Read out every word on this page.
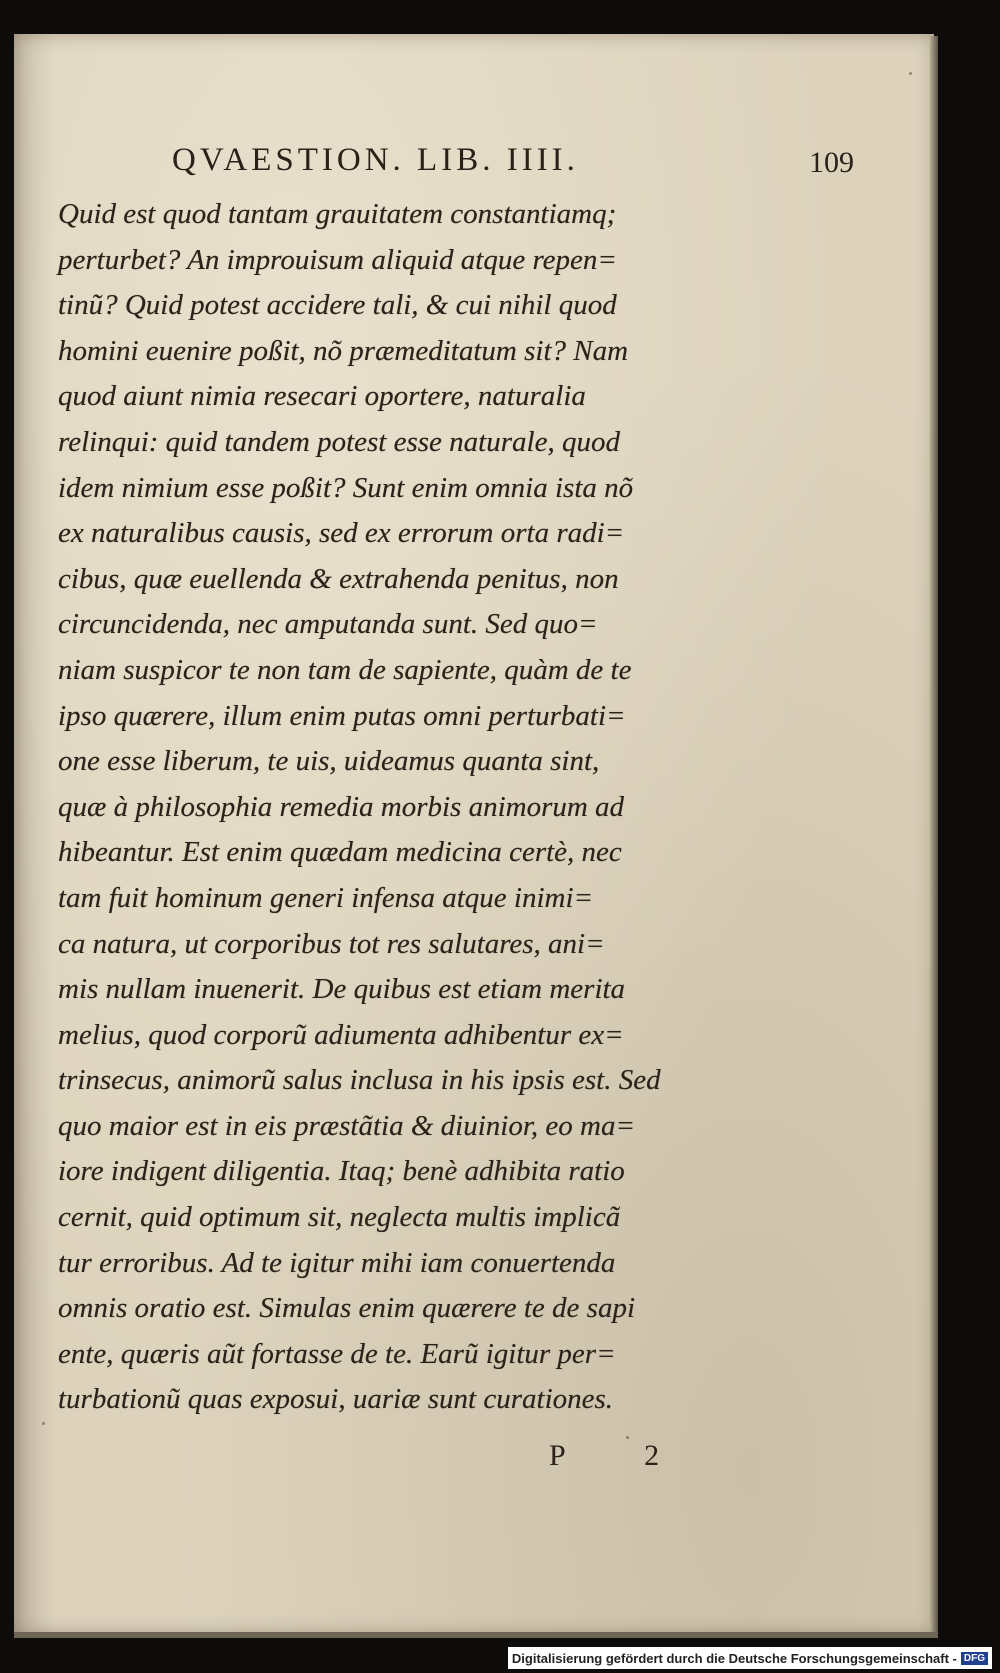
QVAESTION. LIB. IIII.	109
Quid est quod tantam grauitatem constantiamq;
perturbet? An improuisum aliquid atque repen=
tinũ? Quid potest accidere tali, & cui nihil quod
homini euenire poßit, nõ præmeditatum sit? Nam
quod aiunt nimia resecari oportere, naturalia
relinqui: quid tandem potest esse naturale, quod
idem nimium esse poßit? Sunt enim omnia ista nõ
ex naturalibus causis, sed ex errorum orta radi=
cibus, quæ euellenda & extrahenda penitus, non
circuncidenda, nec amputanda sunt. Sed quo=
niam suspicor te non tam de sapiente, quàm de te
ipso quærere, illum enim putas omni perturbati=
one esse liberum, te uis, uideamus quanta sint,
quæ à philosophia remedia morbis animorum ad
hibeantur. Est enim quædam medicina certè, nec
tam fuit hominum generi infensa atque inimi=
ca natura, ut corporibus tot res salutares, ani=
mis nullam inuenerit. De quibus est etiam merita
melius, quod corporũ adiumenta adhibentur ex=
trinsecus, animorũ salus inclusa in his ipsis est. Sed
quo maior est in eis præstãtia & diuinior, eo ma=
iore indigent diligentia. Itaq; benè adhibita ratio
cernit, quid optimum sit, neglecta multis implicã
tur erroribus. Ad te igitur mihi iam conuertenda
omnis oratio est. Simulas enim quærere te de sapi
ente, quæris aũt fortasse de te. Earũ igitur per=
turbationũ quas exposui, uariæ sunt curationes.
P 2
Digitalisierung gefördert durch die Deutsche Forschungsgemeinschaft - DFG
